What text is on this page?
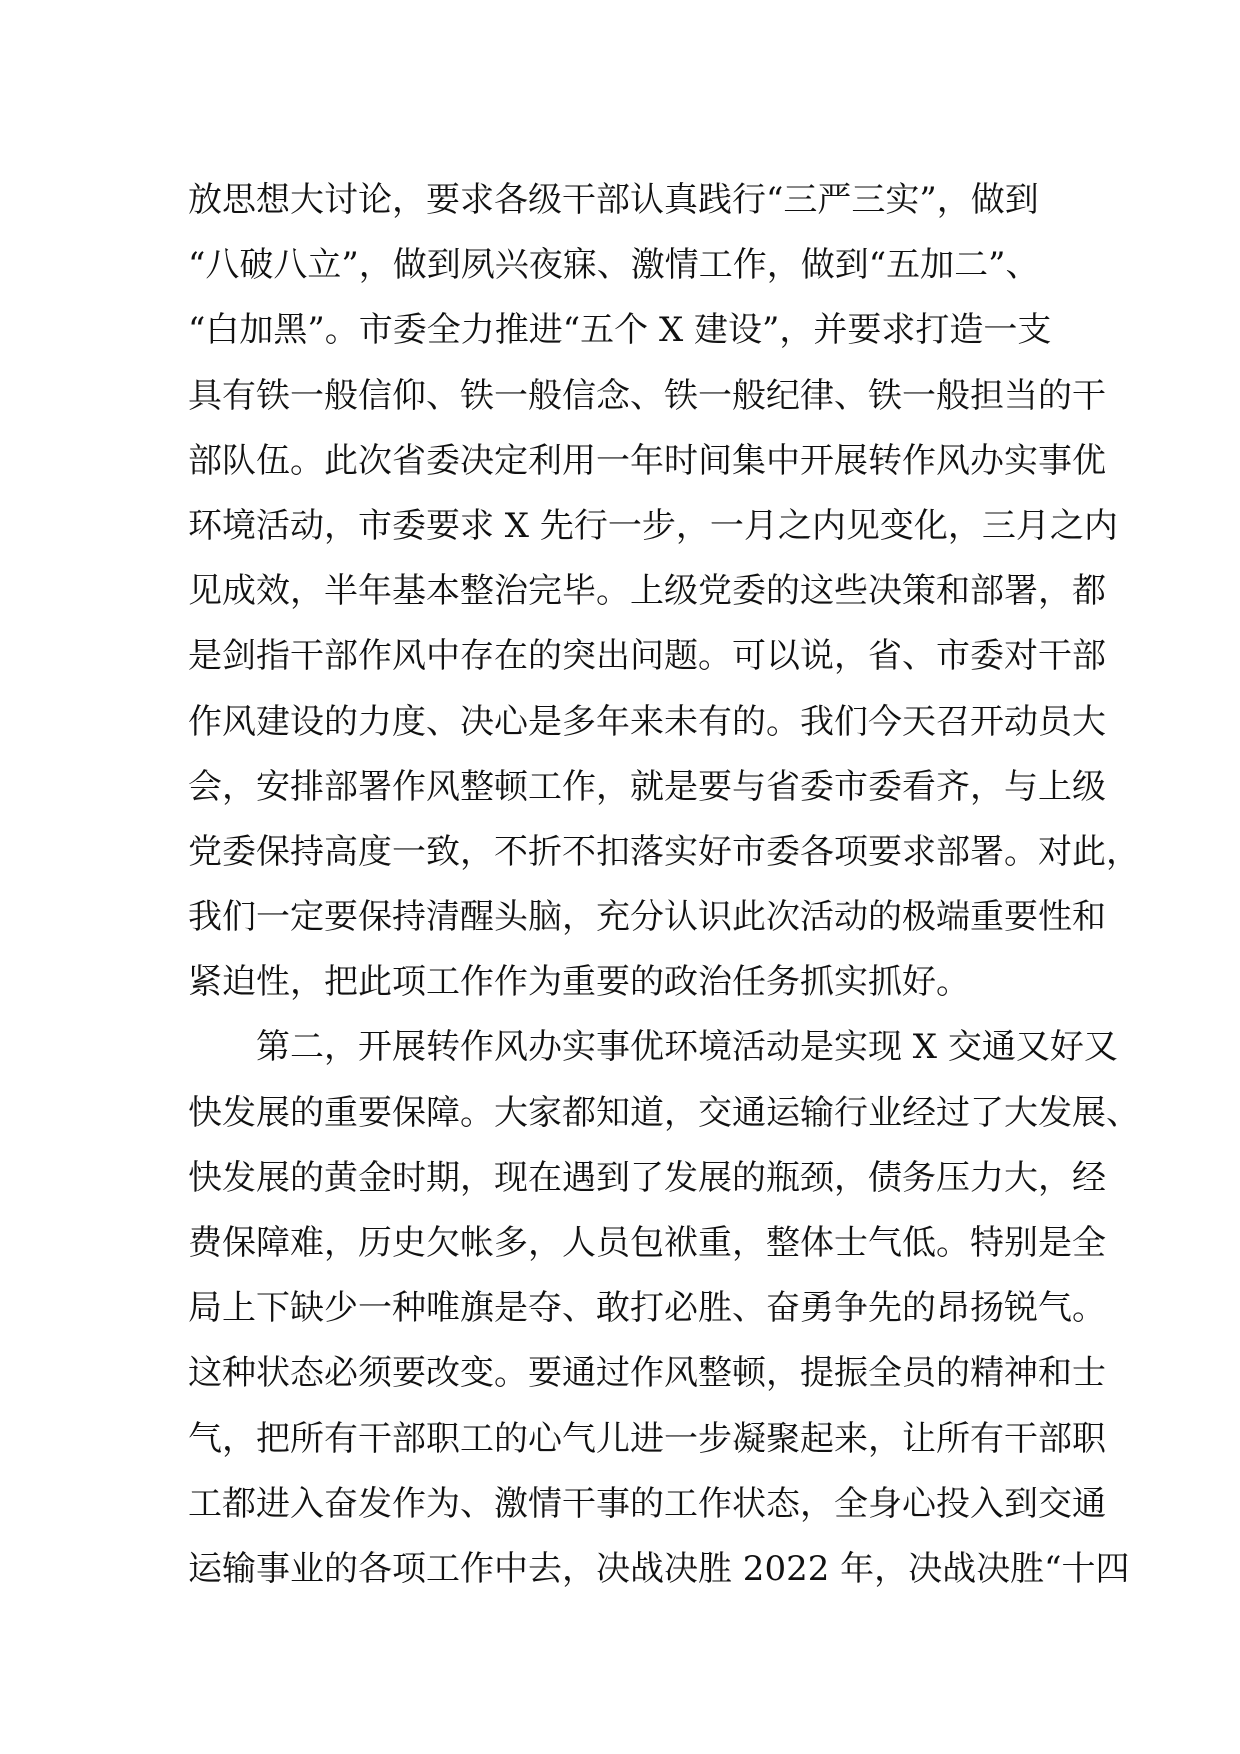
放思想大讨论，要求各级干部认真践行“三严三实”，做到
“八破八立”，做到夙兴夜寐、激情工作，做到“五加二”、
“白加黑”。市委全力推进“五个 X 建设”，并要求打造一支
具有铁一般信仰、铁一般信念、铁一般纪律、铁一般担当的干
部队伍。此次省委决定利用一年时间集中开展转作风办实事优
环境活动，市委要求 X 先行一步，一月之内见变化，三月之内
见成效，半年基本整治完毕。上级党委的这些决策和部署，都
是剑指干部作风中存在的突出问题。可以说，省、市委对干部
作风建设的力度、决心是多年来未有的。我们今天召开动员大
会，安排部署作风整顿工作，就是要与省委市委看齐，与上级
党委保持高度一致，不折不扣落实好市委各项要求部署。对此，
我们一定要保持清醒头脑，充分认识此次活动的极端重要性和
紧迫性，把此项工作作为重要的政治任务抓实抓好。
　　第二，开展转作风办实事优环境活动是实现 X 交通又好又
快发展的重要保障。大家都知道，交通运输行业经过了大发展、
快发展的黄金时期，现在遇到了发展的瓶颈，债务压力大，经
费保障难，历史欠帐多，人员包袱重，整体士气低。特别是全
局上下缺少一种唯旗是夺、敢打必胜、奋勇争先的昂扬锐气。
这种状态必须要改变。要通过作风整顿，提振全员的精神和士
气，把所有干部职工的心气儿进一步凝聚起来，让所有干部职
工都进入奋发作为、激情干事的工作状态，全身心投入到交通
运输事业的各项工作中去，决战决胜 2022 年，决战决胜“十四
